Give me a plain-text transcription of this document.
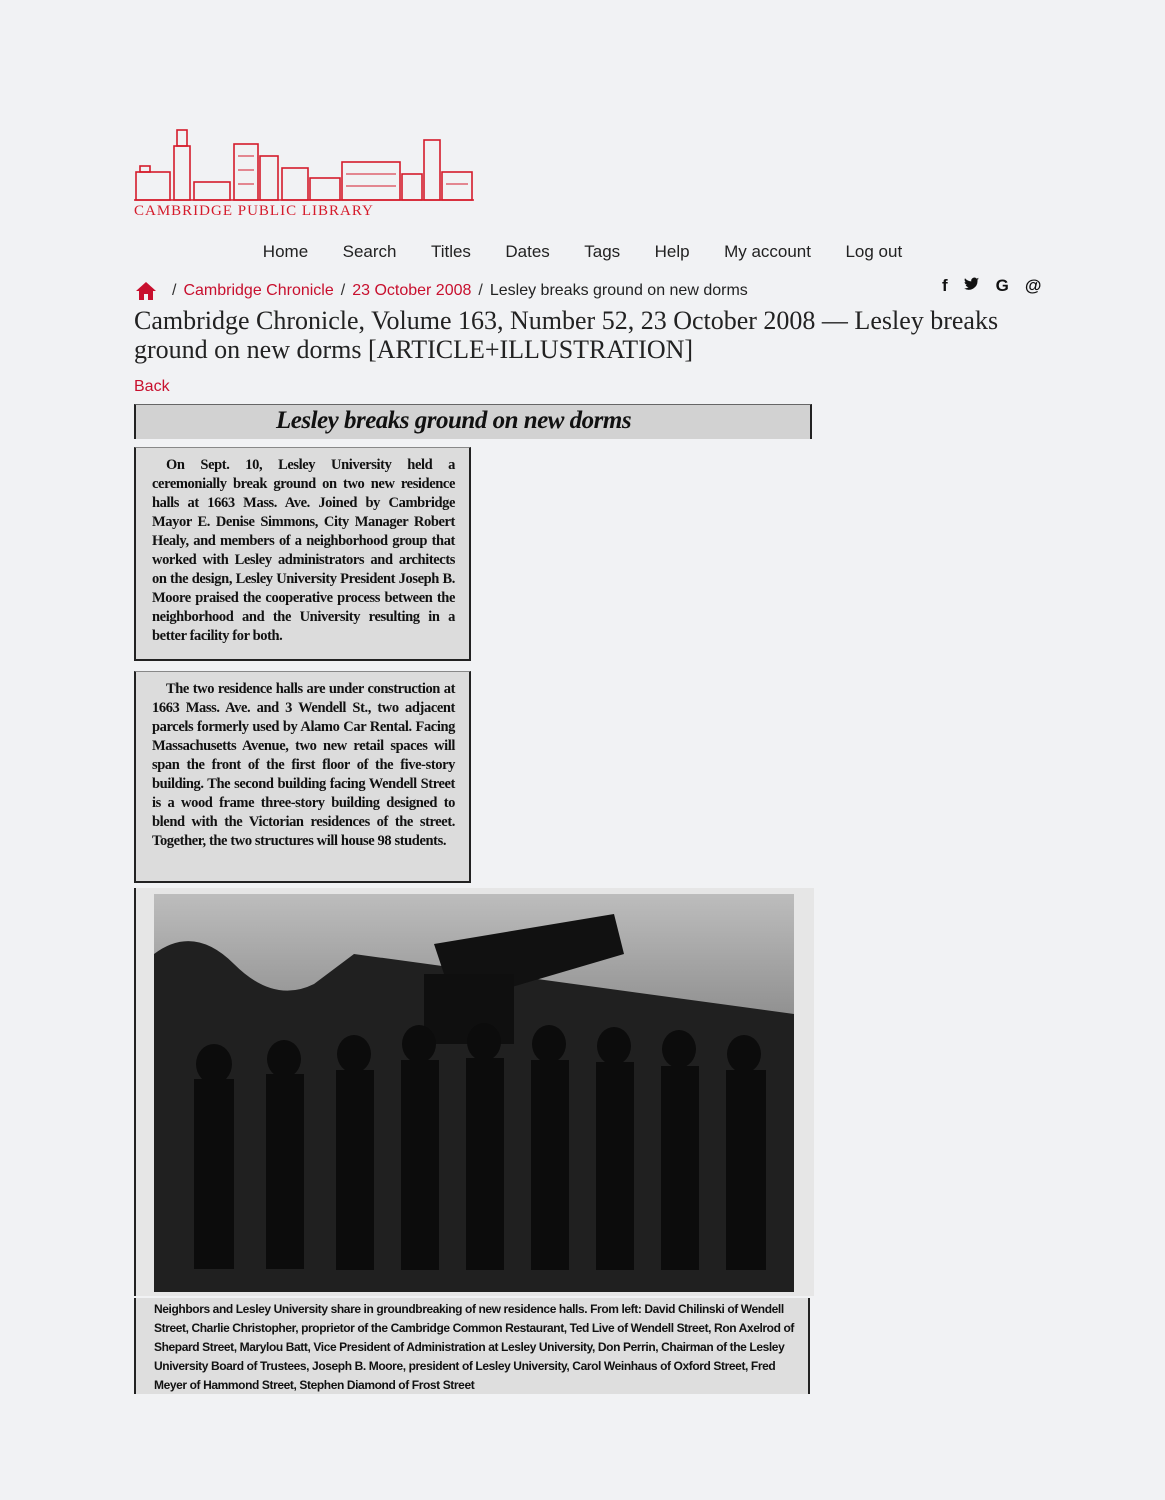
CAMBRIDGE PUBLIC LIBRARY
Home Search Titles Dates Tags Help My account Log out
/ Cambridge Chronicle / 23 October 2008 / Lesley breaks ground on new dorms	f	G @
Cambridge Chronicle, Volume 163, Number 52, 23 October 2008 — Lesley breaks ground on new dorms [ARTICLE+ILLUSTRATION]
Back
Lesley breaks ground on new dorms
On Sept. 10, Lesley University held a ceremonially break ground on two new residence halls at 1663 Mass. Ave. Joined by Cambridge Mayor E. Denise Simmons, City Manager Robert Healy, and members of a neighborhood group that worked with Lesley administrators and architects on the design, Lesley University President Joseph B. Moore praised the cooperative process between the neighborhood and the University resulting in a better facility for both.
The two residence halls are under construction at 1663 Mass. Ave. and 3 Wendell St., two adjacent parcels formerly used by Alamo Car Rental. Facing Massachusetts Avenue, two new retail spaces will span the front of the first floor of the five-story building. The second building facing Wendell Street is a wood frame three-story building designed to blend with the Victorian residences of the street. Together, the two structures will house 98 students.
Neighbors and Lesley University share in groundbreaking of new residence halls. From left: David Chilinski of Wendell Street, Charlie Christopher, proprietor of the Cambridge Common Restaurant, Ted Live of Wendell Street, Ron Axelrod of Shepard Street, Marylou Batt, Vice President of Administration at Lesley University, Don Perrin, Chairman of the Lesley University Board of Trustees, Joseph B. Moore, president of Lesley University, Carol Weinhaus of Oxford Street, Fred Meyer of Hammond Street, Stephen Diamond of Frost Street
